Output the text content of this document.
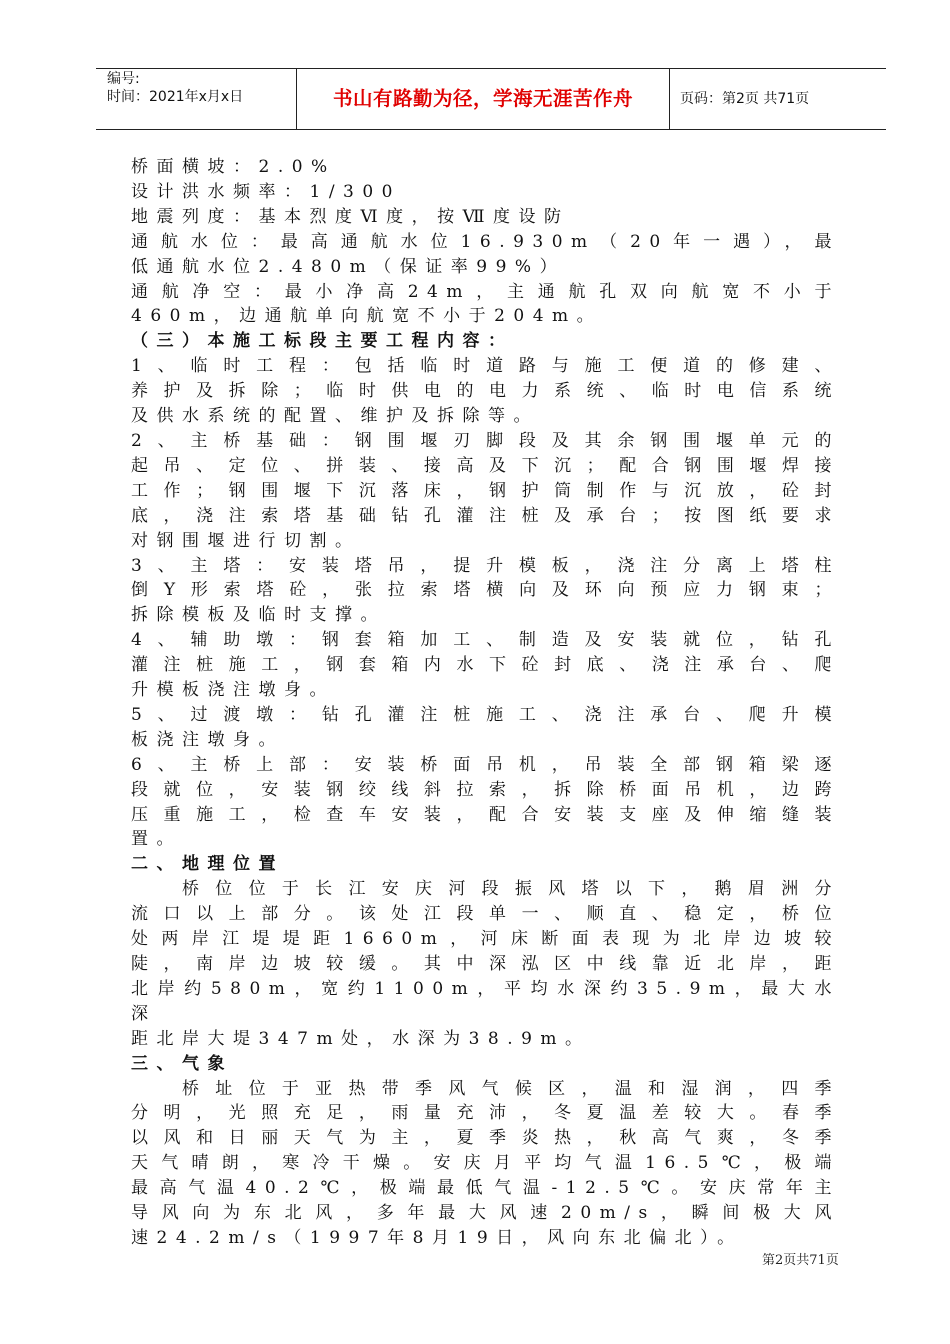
编号:
时间：2021年x月x日	书山有路勤为径，学海无涯苦作舟	页码：第2页 共71页

桥面横坡：2.0%

设计洪水频率：1/300

地震列度：基本烈度Ⅵ度，按Ⅶ度设防

通航水位：最高通航水位16.930m（20年一遇），最

低通航水位2.480m（保证率99%）

通航净空：最小净高24m，主通航孔双向航宽不小于

460m，边通航单向航宽不小于204m。

（三）本施工标段主要工程内容：

1、临时工程：包括临时道路与施工便道的修建、

养护及拆除；临时供电的电力系统、临时电信系统

及供水系统的配置、维护及拆除等。

2、主桥基础：钢围堰刃脚段及其余钢围堰单元的

起吊、定位、拼装、接高及下沉；配合钢围堰焊接

工作；钢围堰下沉落床，钢护筒制作与沉放，砼封

底，浇注索塔基础钻孔灌注桩及承台；按图纸要求

对钢围堰进行切割。

3、主塔：安装塔吊，提升模板，浇注分离上塔柱

倒Y形索塔砼，张拉索塔横向及环向预应力钢束；

拆除模板及临时支撑。

4、辅助墩：钢套箱加工、制造及安装就位，钻孔

灌注桩施工，钢套箱内水下砼封底、浇注承台、爬

升模板浇注墩身。

5、过渡墩：钻孔灌注桩施工、浇注承台、爬升模

板浇注墩身。

6、主桥上部：安装桥面吊机，吊装全部钢箱梁逐

段就位，安装钢绞线斜拉索，拆除桥面吊机，边跨

压重施工，检查车安装，配合安装支座及伸缩缝装

置。

二、地理位置

桥位位于长江安庆河段振风塔以下，鹅眉洲分

流口以上部分。该处江段单一、顺直、稳定，桥位

处两岸江堤堤距1660m，河床断面表现为北岸边坡较

陡，南岸边坡较缓。其中深泓区中线靠近北岸，距

北岸约580m，宽约1100m，平均水深约35.9m，最大水深

距北岸大堤347m处，水深为38.9m。

三、气象

桥址位于亚热带季风气候区，温和湿润，四季

分明，光照充足，雨量充沛，冬夏温差较大。春季

以风和日丽天气为主，夏季炎热，秋高气爽，冬季

天气晴朗，寒冷干燥。安庆月平均气温16.5℃，极端

最高气温40.2℃，极端最低气温-12.5℃。安庆常年主

导风向为东北风，多年最大风速20m/s，瞬间极大风

速24.2m/s（1997年8月19日，风向东北偏北）。

第2页共71页
